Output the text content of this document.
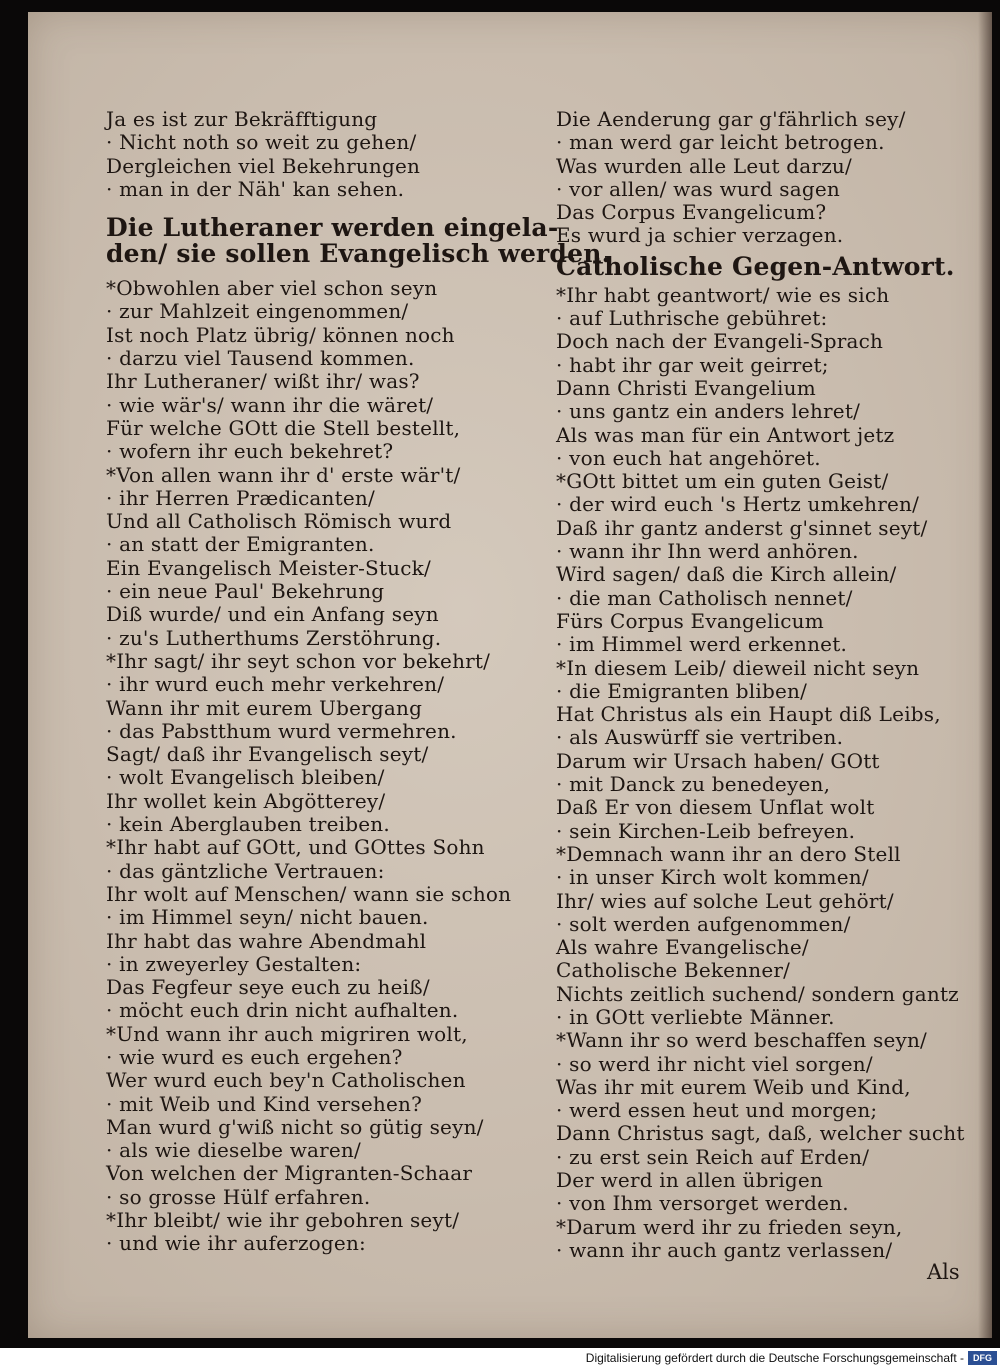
Ja es ist zur Bekräfftigung
· Nicht noth so weit zu gehen/
Dergleichen viel Bekehrungen
· man in der Näh' kan sehen.
Die Lutheraner werden eingela-
den/ sie sollen Evangelisch werden.
*Obwohlen aber viel schon seyn
· zur Mahlzeit eingenommen/
Ist noch Platz übrig/ können noch
· darzu viel Tausend kommen.
Ihr Lutheraner/ wißt ihr/ was?
· wie wär's/ wann ihr die wäret/
Für welche GOtt die Stell bestellt,
· wofern ihr euch bekehret?
*Von allen wann ihr d' erste wär't/
· ihr Herren Prædicanten/
Und all Catholisch Römisch wurd
· an statt der Emigranten.
Ein Evangelisch Meister-Stuck/
· ein neue Paul' Bekehrung
Diß wurde/ und ein Anfang seyn
· zu's Lutherthums Zerstöhrung.
*Ihr sagt/ ihr seyt schon vor bekehrt/
· ihr wurd euch mehr verkehren/
Wann ihr mit eurem Ubergang
· das Pabstthum wurd vermehren.
Sagt/ daß ihr Evangelisch seyt/
· wolt Evangelisch bleiben/
Ihr wollet kein Abgötterey/
· kein Aberglauben treiben.
*Ihr habt auf GOtt, und GOttes Sohn
· das gäntzliche Vertrauen:
Ihr wolt auf Menschen/ wann sie schon
· im Himmel seyn/ nicht bauen.
Ihr habt das wahre Abendmahl
· in zweyerley Gestalten:
Das Fegfeur seye euch zu heiß/
· möcht euch drin nicht aufhalten.
*Und wann ihr auch migriren wolt,
· wie wurd es euch ergehen?
Wer wurd euch bey'n Catholischen
· mit Weib und Kind versehen?
Man wurd g'wiß nicht so gütig seyn/
· als wie dieselbe waren/
Von welchen der Migranten-Schaar
· so grosse Hülf erfahren.
*Ihr bleibt/ wie ihr gebohren seyt/
· und wie ihr auferzogen:
Die Aenderung gar g'fährlich sey/
· man werd gar leicht betrogen.
Was wurden alle Leut darzu/
· vor allen/ was wurd sagen
Das Corpus Evangelicum?
Es wurd ja schier verzagen.
Catholische Gegen-Antwort.
*Ihr habt geantwort/ wie es sich
· auf Luthrische gebühret:
Doch nach der Evangeli-Sprach
· habt ihr gar weit geirret;
Dann Christi Evangelium
· uns gantz ein anders lehret/
Als was man für ein Antwort jetz
· von euch hat angehöret.
*GOtt bittet um ein guten Geist/
· der wird euch 's Hertz umkehren/
Daß ihr gantz anderst g'sinnet seyt/
· wann ihr Ihn werd anhören.
Wird sagen/ daß die Kirch allein/
· die man Catholisch nennet/
Fürs Corpus Evangelicum
· im Himmel werd erkennet.
*In diesem Leib/ dieweil nicht seyn
· die Emigranten bliben/
Hat Christus als ein Haupt diß Leibs,
· als Auswürff sie vertriben.
Darum wir Ursach haben/ GOtt
· mit Danck zu benedeyen,
Daß Er von diesem Unflat wolt
· sein Kirchen-Leib befreyen.
*Demnach wann ihr an dero Stell
· in unser Kirch wolt kommen/
Ihr/ wies auf solche Leut gehört/
· solt werden aufgenommen/
Als wahre Evangelische/
Catholische Bekenner/
Nichts zeitlich suchend/ sondern gantz
· in GOtt verliebte Männer.
*Wann ihr so werd beschaffen seyn/
· so werd ihr nicht viel sorgen/
Was ihr mit eurem Weib und Kind,
· werd essen heut und morgen;
Dann Christus sagt, daß, welcher sucht
· zu erst sein Reich auf Erden/
Der werd in allen übrigen
· von Ihm versorget werden.
*Darum werd ihr zu frieden seyn,
· wann ihr auch gantz verlassen/
Als
Digitalisierung gefördert durch die Deutsche Forschungsgemeinschaft -	DFG
